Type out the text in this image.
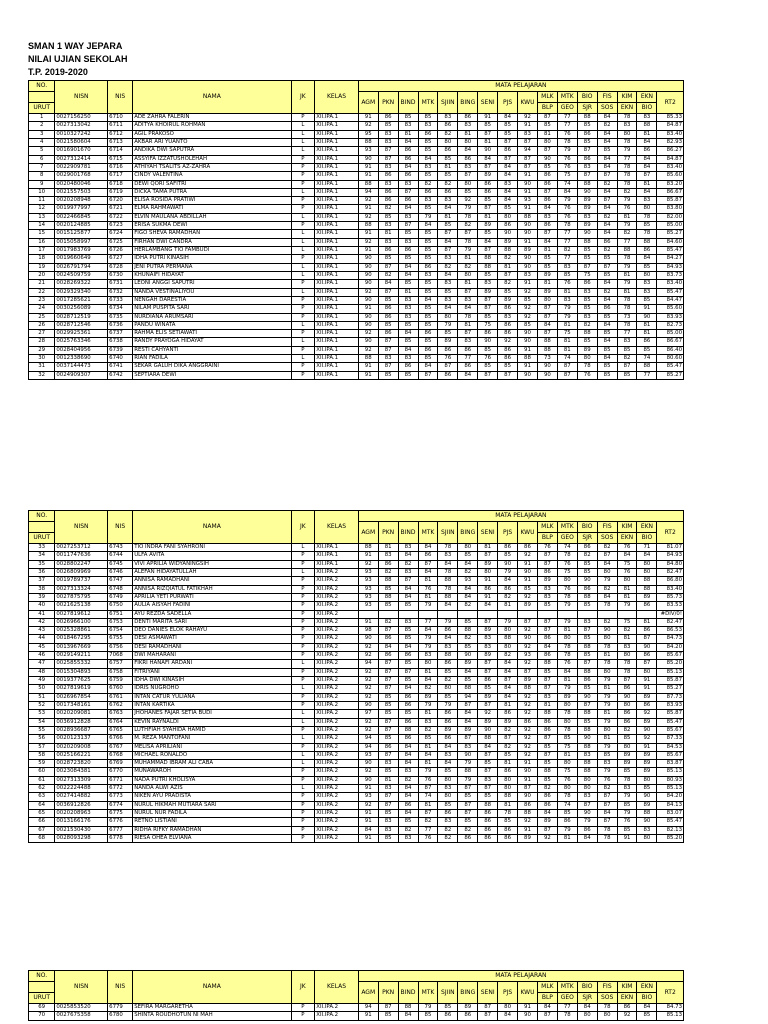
SMAN 1 WAY JEPARA
NILAI UJIAN SEKOLAH
T.P. 2019-2020
NO.	NISN	NIS	NAMA	JK	KELAS	MATA PELAJARAN															
						AGM	PKN	BIND	MTK	SJIIN	BING	SENI	PJS	KWU	MLK	MTK	BIO	FIS	KIM	EKN	RT2
URUT															BLP	GEO	SJR	SOS	EKN	BIO	
1	0027156250	6710	ADE ZAHRA FALERIN	P	XII.IPA.1	91	86	85	85	83	86	91	84	92	87	77	88	84	78	83	85.33
2	0027313042	6711	ADITYA KHOIRUL ROHMAN	L	XII.IPA.1	92	85	83	83	86	83	85	85	91	85	77	85	82	83	88	84.87
3	0010327242	6712	AGIL PRAKOSO	L	XII.IPA.1	95	83	81	86	82	81	87	85	83	81	76	86	84	80	81	83.40
4	0021580604	6713	AKBAR ARI YUANTO	L	XII.IPA.1	88	83	84	85	80	80	81	87	87	80	78	85	84	78	84	82.93
5	0016901670	6714	ANDIKA DWI SAPUTRA	L	XII.IPA.1	93	87	86	85	86	84	90	86	94	87	79	87	85	79	86	86.27
6	0027312414	6715	ASSYIFA IZZATUSHOLEHAH	P	XII.IPA.1	90	87	86	84	85	86	84	87	87	90	76	86	84	77	84	84.87
7	0022909781	6716	ATHIYAH TSALITS AZ-ZAHRA	P	XII.IPA.1	91	83	84	83	81	83	87	84	87	85	76	83	84	78	84	83.40
8	0029001768	6717	CINDY VALENTINA	P	XII.IPA.1	91	86	86	85	85	87	89	84	91	86	75	87	87	78	87	85.60
9	0020480046	6718	DEWI QORI SAFITRI	P	XII.IPA.1	88	83	83	82	82	80	86	83	90	86	74	88	82	78	81	83.20
10	0021557503	6719	DICKA TAMA PUTRA	L	XII.IPA.1	94	86	87	86	86	85	86	84	91	87	84	90	84	82	84	86.67
11	0020208948	6720	ELISA ROSIDA PRATIWI	P	XII.IPA.1	92	86	86	83	83	92	85	84	93	86	79	89	87	79	83	85.87
12	0019977997	6721	ELMA RAHMAWATI	P	XII.IPA.1	91	82	84	85	84	79	87	85	91	84	76	89	84	76	80	83.80
13	0022466845	6722	ELVIN MAULANA ABDILLAH	L	XII.IPA.1	92	85	83	79	81	78	81	80	88	83	76	83	82	81	78	82.00
14	0020124885	6723	ERISA SUKMA DEWI	P	XII.IPA.1	88	83	87	84	85	82	89	86	90	86	78	89	84	79	85	85.00
15	0015125877	6724	FIGO SHEVA RAMADHAN	L	XII.IPA.1	91	81	85	85	87	87	85	90	90	87	77	90	84	82	78	85.27
16	0015058997	6725	FIRHAN DWI CANDRA	L	XII.IPA.1	92	83	83	85	84	78	84	89	91	84	77	88	86	77	88	84.60
17	0017983769	6726	HERLAMBANG TIO FAMBUDI	L	XII.IPA.1	91	86	86	85	87	79	87	88	89	81	82	85	82	88	86	85.47
18	0019660649	6727	IDHA PUTRI KINASIH	P	XII.IPA.1	90	85	85	85	83	81	88	82	90	85	77	85	85	78	84	84.27
19	0026791794	6728	JENI PUTRA PERMANA	L	XII.IPA.1	90	87	84	86	82	82	88	81	90	85	83	87	87	79	85	84.93
20	0024509759	6730	KHUNAIFI HIDAYAT	L	XII.IPA.1	90	82	84	83	84	80	85	87	83	89	85	75	85	81	80	83.73
21	0028269322	6731	LEONI ANGGI SAPUTRI	P	XII.IPA.1	90	84	85	85	83	81	83	82	91	81	76	86	84	79	83	83.40
22	0029329340	6732	NANDA VESTINALIYOU	L	XII.IPA.1	92	87	81	85	85	87	89	85	92	89	81	83	82	81	83	85.47
23	0017285621	6733	NENGAH DARESTIA	P	XII.IPA.1	90	85	83	84	83	83	87	89	85	80	83	85	84	78	85	84.47
24	0030256089	6734	NILAM PUSPITA SARI	P	XII.IPA.1	91	86	83	85	84	84	87	86	92	87	79	85	86	78	91	85.60
25	0028712519	6735	NURDIANA ARUMSARI	P	XII.IPA.1	90	86	83	85	80	78	85	83	92	87	79	83	85	73	90	83.93
26	0028712546	6736	PANDU WINATA	L	XII.IPA.1	90	85	85	85	79	81	75	86	85	84	81	82	84	78	81	82.73
27	0029925361	6737	RAHMA ELIS SETIAWATI	P	XII.IPA.1	92	86	84	86	85	87	86	86	90	87	75	88	85	77	81	85.00
28	0025763346	6738	RANDY PRAYOGA HIDAYAT	L	XII.IPA.1	90	87	85	85	89	83	90	92	90	88	81	85	84	83	86	86.67
29	0028404956	6739	RESTI CAHYANTI	P	XII.IPA.1	92	87	84	86	86	86	85	86	91	88	81	89	85	85	85	86.40
30	0012338690	6740	RIAN FADILA	L	XII.IPA.1	88	83	83	85	76	77	76	86	88	73	74	80	84	82	74	80.60
31	0037144473	6741	SEKAR GALUH DIKA ANGGRAINI	P	XII.IPA.1	91	87	86	84	87	86	85	85	91	90	87	78	85	87	88	85.47
32	0024909307	6742	SEPTIARA DEWI	P	XII.IPA.1	91	85	85	87	86	84	87	87	90	90	87	76	85	85	77	85.27
NO.	NISN	NIS	NAMA	JK	KELAS	MATA PELAJARAN															
						AGM	PKN	BIND	MTK	SJIIN	BING	SENI	PJS	KWU	MLK	MTK	BIO	FIS	KIM	EKN	RT2
URUT															BLP	GEO	SJR	SOS	EKN	BIO	
33	0027253712	6743	TIO INDRA FANI SYAHRONI	L	XII.IPA.1	88	81	83	84	78	80	81	86	86	76	74	86	82	76	71	81.07
34	0011747636	6744	ULFA AVITA	P	XII.IPA.1	91	83	84	86	83	85	87	85	92	87	78	82	87	84	84	84.93
35	0028802247	6745	VIVI APRILIA WIDYANINGSIH	P	XII.IPA.1	92	86	82	87	84	84	89	90	91	87	76	85	84	75	80	84.80
36	0026809969	6746	ALEFAN HIDAYATULLAH	L	XII.IPA.2	93	82	83	84	78	82	80	79	90	86	75	85	80	76	80	82.47
37	0019789737	6747	ANNISA RAMADHANI	P	XII.IPA.2	93	88	87	81	88	93	91	84	91	89	80	90	79	80	88	86.80
38	0027313324	6748	ANNISA RIZQIATUL FATIKHAH	P	XII.IPA.2	93	85	84	76	78	84	86	86	85	83	76	86	82	81	88	83.40
39	0027875795	6749	APRILIA YETI PURWATI	P	XII.IPA.2	93	88	84	81	88	84	91	82	92	83	78	88	84	81	89	85.73
40	0021625138	6750	AULIA AISYAH FADINI	P	XII.IPA.2	93	85	85	79	84	82	84	81	89	85	79	85	78	79	86	83.53
41	0027819612	6751	AYU REZDA SADELLA	P	XII.IPA.2																#DIV/0!
42	0026966100	6753	DENTI MARITA SARI	P	XII.IPA.2	91	82	83	77	79	85	87	79	87	87	79	83	82	75	81	82.47
43	0025328861	6754	DEO DANIES ELOK RAHAYU	P	XII.IPA.2	98	87	85	84	86	88	89	80	92	87	81	87	90	82	86	86.53
44	0018467295	6755	DESI ASMAWATI	P	XII.IPA.2	90	86	85	79	84	82	83	88	90	86	80	85	80	81	87	84.73
45	0013967669	6756	DESI RAMADHANI	P	XII.IPA.2	92	84	84	79	83	85	83	80	92	84	78	88	78	83	90	84.20
46	0029149211	7068	DWI MAHARANI	P	XII.IPA.2	92	86	86	83	88	90	89	82	93	86	78	85	81	80	86	85.67
47	0025855332	6757	FIKRI HANAFI ARDANI	L	XII.IPA.2	94	87	85	80	86	89	87	84	92	88	76	87	78	78	87	85.20
48	0015304893	6758	FITRIYANI	P	XII.IPA.2	92	87	87	81	85	84	87	84	87	85	84	88	80	78	80	85.13
49	0019377625	6759	IDHA DWI KINASIH	P	XII.IPA.2	92	87	85	84	82	85	86	87	89	87	81	86	79	87	91	85.87
50	0027819619	6760	IDRIS NUGROHO	L	XII.IPA.2	92	87	84	82	80	88	85	84	88	87	79	85	81	86	91	85.27
51	0026967854	6761	INTAN CATUR YULIANA	P	XII.IPA.2	92	85	86	89	85	94	89	84	92	83	89	90	79	90	89	87.73
52	0017348161	6762	INTAN KARTIKA	P	XII.IPA.2	90	85	86	79	79	87	87	81	92	81	80	87	79	80	86	83.93
53	0020209081	6763	JHOHANES FAJAR SETIA BUDI	L	XII.IPA.2	97	85	85	81	86	84	92	86	92	88	78	88	81	86	92	85.87
54	0036912828	6764	KEVIN RAYNALDI	L	XII.IPA.2	92	87	86	83	86	84	89	89	86	86	80	85	79	86	89	85.47
55	0028936687	6765	LUTHFIAH SYAHIDA HAMID	P	XII.IPA.2	92	87	88	82	89	89	90	82	92	86	78	88	80	82	90	85.67
56	0020123137	6766	M. REZA MANTOFANI	L	XII.IPA.2	94	85	86	85	86	87	88	87	92	87	85	90	81	85	92	87.33
57	0020209008	6767	MELISA APRILIANI	P	XII.IPA.2	94	86	84	81	84	83	84	82	92	85	75	88	79	80	91	84.53
58	0025166221	6768	MICHAEL RONALDO	L	XII.IPA.2	93	87	84	84	83	90	87	85	92	87	81	83	85	89	89	85.67
59	0028723820	6769	MUHAMMAD IBRAM ALI CABA	L	XII.IPA.2	90	83	84	81	84	79	85	81	91	85	80	88	83	89	89	83.87
60	0023084381	6770	MUNAWAROH	P	XII.IPA.2	92	85	83	79	85	88	87	86	90	88	75	88	79	85	89	85.13
61	0027313309	6771	NADA PUTRI KHOLISYA	P	XII.IPA.2	90	81	82	76	80	79	83	80	91	85	76	80	76	78	80	80.93
62	0022224488	6772	NANDA ALWI AZIS	L	XII.IPA.2	91	83	84	87	83	87	87	80	87	82	80	80	82	83	85	85.13
63	0027414882	6773	NIKEN AYU PRADISTA	P	XII.IPA.2	93	87	84	74	80	85	85	88	90	86	78	83	87	79	90	84.20
64	0036912826	6774	NURUL HIKMAH MUTIARA SARI	P	XII.IPA.2	92	87	86	81	85	87	88	81	86	86	74	87	87	85	89	84.13
65	0020208963	6775	NURUL NUR FADILA	P	XII.IPA.2	91	85	84	87	86	87	86	78	88	84	85	90	84	79	88	83.07
66	0013166176	6776	RETNO LISTIANI	P	XII.IPA.2	91	83	85	82	83	85	86	85	92	89	86	79	87	76	90	85.47
67	0021530430	6777	RIDHA RIFKY RAMADHAN	P	XII.IPA.2	84	83	82	77	82	82	86	86	91	87	79	86	78	85	83	82.13
68	0028093298	6778	RIESA OHEA ELVIANA	P	XII.IPA.2	91	85	83	76	82	86	86	86	89	92	81	84	78	91	80	85.20
NO.	NISN	NIS	NAMA	JK	KELAS	MATA PELAJARAN															
						AGM	PKN	BIND	MTK	SJIIN	BING	SENI	PJS	KWU	MLK	MTK	BIO	FIS	KIM	EKN	RT2
URUT															BLP	GEO	SJR	SOS	EKN	BIO	
69	0025853520	6779	SEFIRA MARGARETHA	P	XII.IPA.2	94	87	88	79	85	89	87	80	91	84	77	84	78	86	84	84.73
70	0027675358	6780	SHINTA ROUDHOTUN NI MAH	P	XII.IPA.2	91	85	84	85	86	86	87	84	90	87	78	80	80	92	85	85.13
